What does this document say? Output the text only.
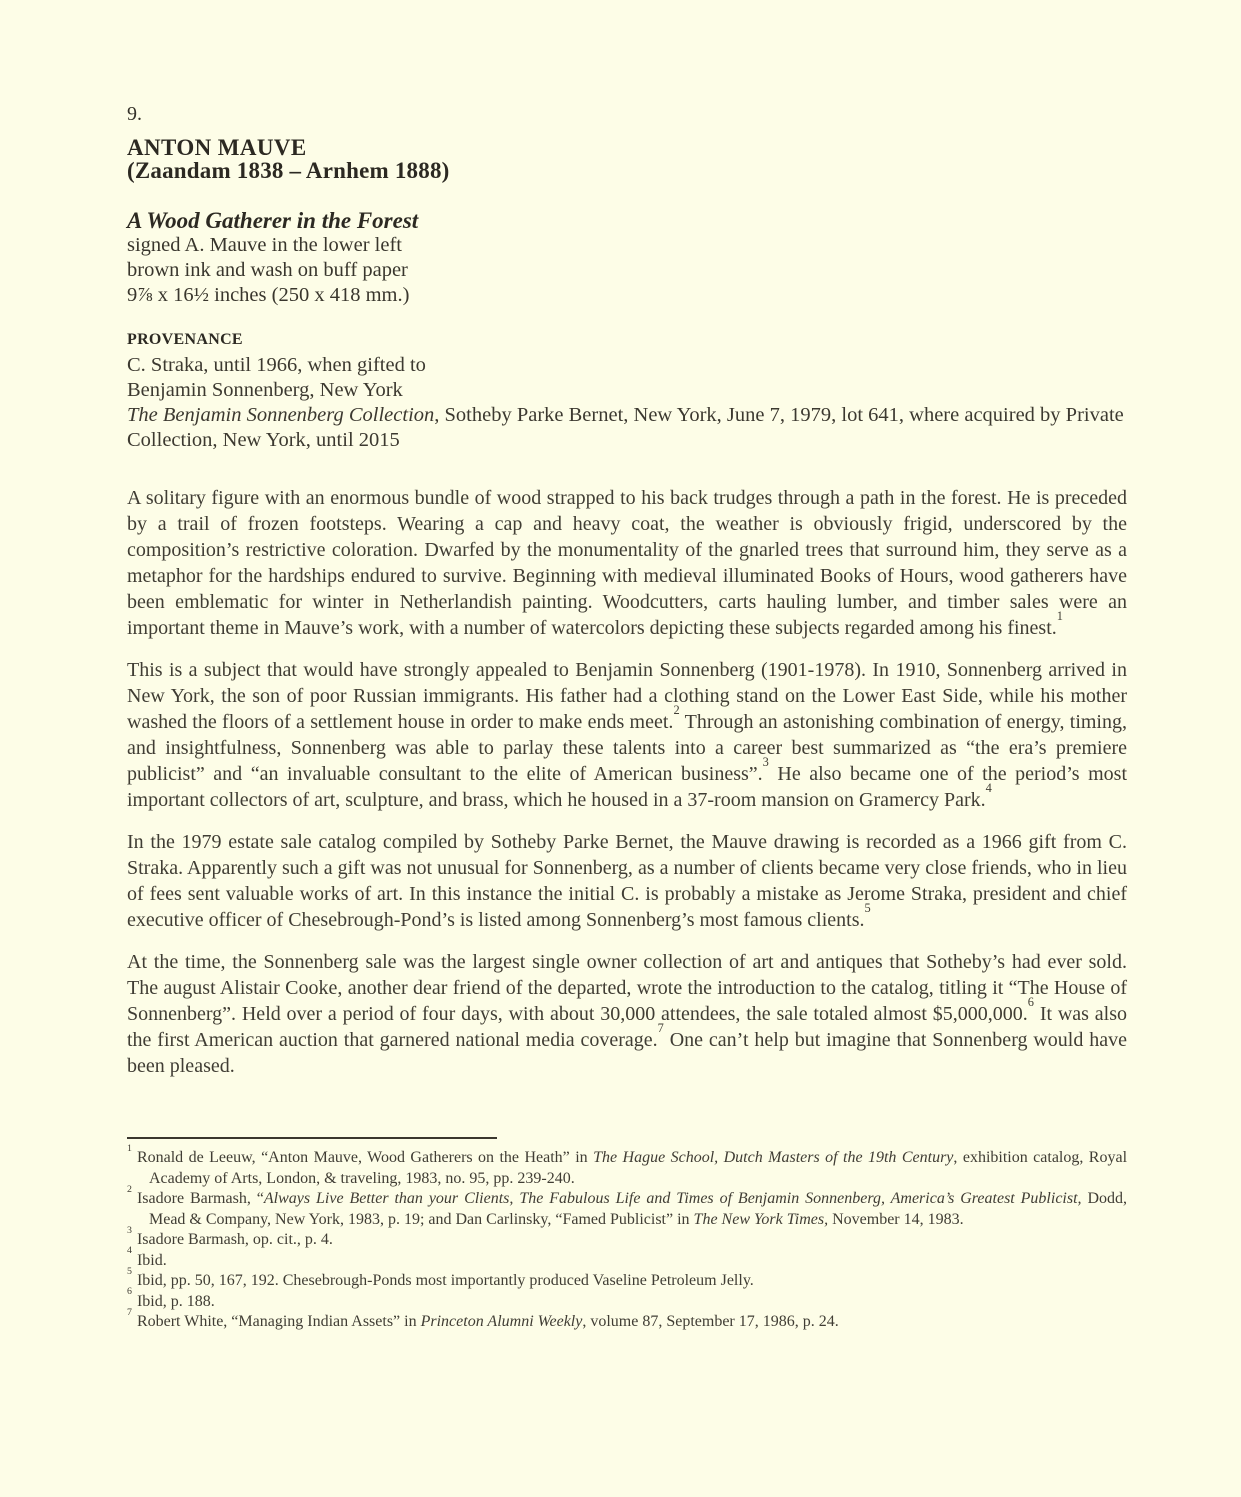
9.
ANTON MAUVE
(Zaandam 1838 – Arnhem 1888)
A Wood Gatherer in the Forest
signed A. Mauve in the lower left
brown ink and wash on buff paper
9⅞ x 16½ inches (250 x 418 mm.)
PROVENANCE
C. Straka, until 1966, when gifted to
Benjamin Sonnenberg, New York
The Benjamin Sonnenberg Collection, Sotheby Parke Bernet, New York, June 7, 1979, lot 641, where acquired by Private Collection, New York, until 2015

A solitary figure with an enormous bundle of wood strapped to his back trudges through a path in the forest. He is preceded by a trail of frozen footsteps. Wearing a cap and heavy coat, the weather is obviously frigid, underscored by the composition’s restrictive coloration. Dwarfed by the monumentality of the gnarled trees that surround him, they serve as a metaphor for the hardships endured to survive. Beginning with medieval illuminated Books of Hours, wood gatherers have been emblematic for winter in Netherlandish painting. Woodcutters, carts hauling lumber, and timber sales were an important theme in Mauve’s work, with a number of watercolors depicting these subjects regarded among his finest.$^1$

This is a subject that would have strongly appealed to Benjamin Sonnenberg (1901-1978). In 1910, Sonnenberg arrived in New York, the son of poor Russian immigrants. His father had a clothing stand on the Lower East Side, while his mother washed the floors of a settlement house in order to make ends meet.$^2$ Through an astonishing combination of energy, timing, and insightfulness, Sonnenberg was able to parlay these talents into a career best summarized as “the era’s premiere publicist” and “an invaluable consultant to the elite of American business”.$^3$ He also became one of the period’s most important collectors of art, sculpture, and brass, which he housed in a 37-room mansion on Gramercy Park.$^4$

In the 1979 estate sale catalog compiled by Sotheby Parke Bernet, the Mauve drawing is recorded as a 1966 gift from C. Straka. Apparently such a gift was not unusual for Sonnenberg, as a number of clients became very close friends, who in lieu of fees sent valuable works of art. In this instance the initial C. is probably a mistake as Jerome Straka, president and chief executive officer of Chesebrough-Pond’s is listed among Sonnenberg’s most famous clients.$^5$

At the time, the Sonnenberg sale was the largest single owner collection of art and antiques that Sotheby’s had ever sold. The august Alistair Cooke, another dear friend of the departed, wrote the introduction to the catalog, titling it “The House of Sonnenberg”. Held over a period of four days, with about 30,000 attendees, the sale totaled almost $5,000,000.$^6$ It was also the first American auction that garnered national media coverage.$^7$ One can’t help but imagine that Sonnenberg would have been pleased.

$^1$Ronald de Leeuw, “Anton Mauve, Wood Gatherers on the Heath” in The Hague School, Dutch Masters of the 19th Century, exhibition catalog, Royal Academy of Arts, London, & traveling, 1983, no. 95, pp. 239-240.
$^2$Isadore Barmash, “Always Live Better than your Clients, The Fabulous Life and Times of Benjamin Sonnenberg, America’s Greatest Publicist, Dodd, Mead & Company, New York, 1983, p. 19; and Dan Carlinsky, “Famed Publicist” in The New York Times, November 14, 1983.
$^3$Isadore Barmash, op. cit., p. 4.
$^4$Ibid.
$^5$Ibid, pp. 50, 167, 192. Chesebrough-Ponds most importantly produced Vaseline Petroleum Jelly.
$^6$Ibid, p. 188.
$^7$Robert White, “Managing Indian Assets” in Princeton Alumni Weekly, volume 87, September 17, 1986, p. 24.
